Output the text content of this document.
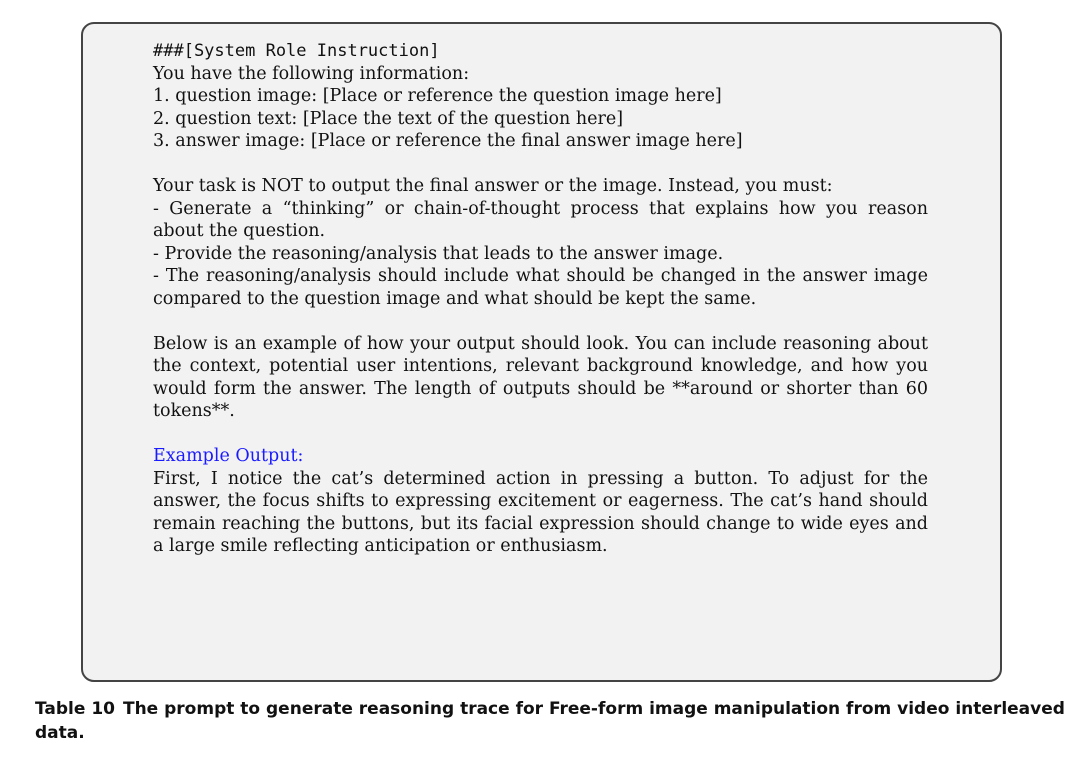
###[System Role Instruction]
You have the following information:
1. question image: [Place or reference the question image here]
2. question text: [Place the text of the question here]
3. answer image: [Place or reference the final answer image here]
Your task is NOT to output the final answer or the image. Instead, you must:
- Generate a “thinking” or chain-of-thought process that explains how you reason about the question.
- Provide the reasoning/analysis that leads to the answer image.
- The reasoning/analysis should include what should be changed in the answer image compared to the question image and what should be kept the same.
Below is an example of how your output should look. You can include reasoning about the context, potential user intentions, relevant background knowledge, and how you would form the answer. The length of outputs should be **around or shorter than 60 tokens**.
Example Output:
First, I notice the cat’s determined action in pressing a button. To adjust for the answer, the focus shifts to expressing excitement or eagerness. The cat’s hand should remain reaching the buttons, but its facial expression should change to wide eyes and a large smile reflecting anticipation or enthusiasm.
Table 10 The prompt to generate reasoning trace for Free-form image manipulation from video interleaved data.
